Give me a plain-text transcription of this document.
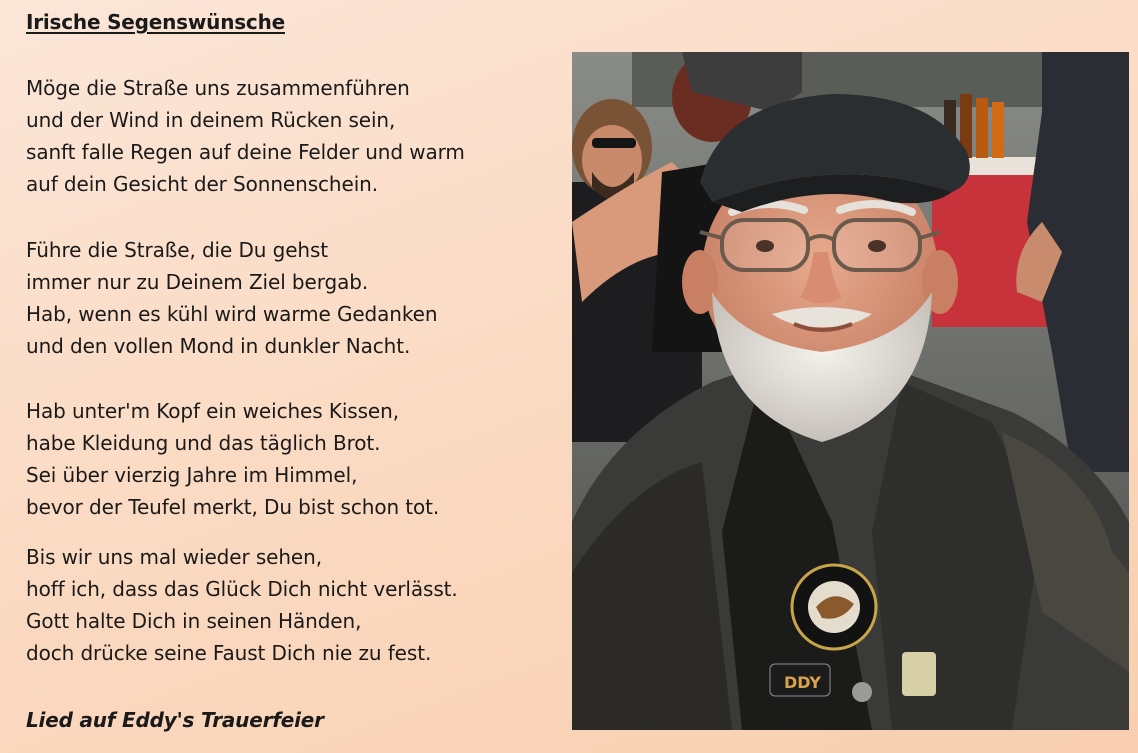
Irische Segenswünsche
Möge die Straße uns zusammenführen
und der Wind in deinem Rücken sein,
sanft falle Regen auf deine Felder und warm
auf dein Gesicht der Sonnenschein.
Führe die Straße, die Du gehst
immer nur zu Deinem Ziel bergab.
Hab, wenn es kühl wird warme Gedanken
und den vollen Mond in dunkler Nacht.
Hab unter'm Kopf ein weiches Kissen,
habe Kleidung und das täglich Brot.
Sei über vierzig Jahre im Himmel,
bevor der Teufel merkt, Du bist schon tot.
Bis wir uns mal wieder sehen,
hoff ich, dass das Glück Dich nicht verlässt.
Gott halte Dich in seinen Händen,
doch drücke seine Faust Dich nie zu fest.
Lied auf Eddy's Trauerfeier
DDY
